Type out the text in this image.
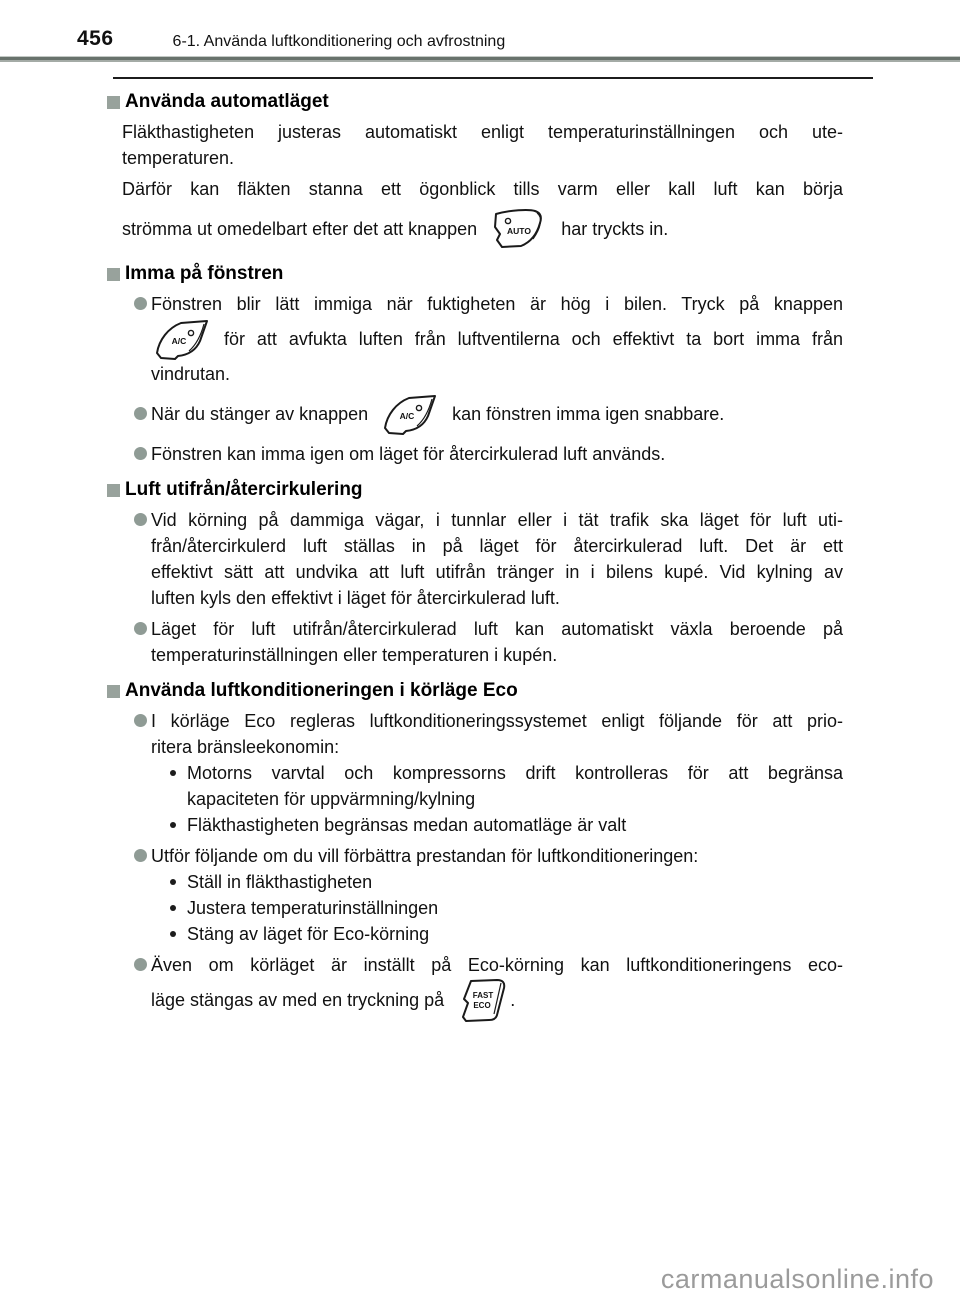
456	6-1. Använda luftkonditionering och avfrostning
Använda automatläget
Fläkthastigheten justeras automatiskt enligt temperaturinställningen och ute-
temperaturen.
Därför kan fläkten stanna ett ögonblick tills varm eller kall luft kan börja
strömma ut omedelbart efter det att knappen	AUTO har tryckts in.
Imma på fönstren
Fönstren blir lätt immiga när fuktigheten är hög i bilen. Tryck på knappen
A/C för att avfukta luften från luftventilerna och effektivt ta bort imma från
vindrutan.
När du stänger av knappen	A/C kan fönstren imma igen snabbare.
Fönstren kan imma igen om läget för återcirkulerad luft används.
Luft utifrån/återcirkulering
Vid körning på dammiga vägar, i tunnlar eller i tät trafik ska läget för luft uti-
från/återcirkulerd luft ställas in på läget för återcirkulerad luft. Det är ett
effektivt sätt att undvika att luft utifrån tränger in i bilens kupé. Vid kylning av
luften kyls den effektivt i läget för återcirkulerad luft.
Läget för luft utifrån/återcirkulerad luft kan automatiskt växla beroende på
temperaturinställningen eller temperaturen i kupén.
Använda luftkonditioneringen i körläge Eco
I körläge Eco regleras luftkonditioneringssystemet enligt följande för att prio-
ritera bränsleekonomin:
Motorns varvtal och kompressorns drift kontrolleras för att begränsa
kapaciteten för uppvärmning/kylning
Fläkthastigheten begränsas medan automatläge är valt
Utför följande om du vill förbättra prestandan för luftkonditioneringen:
Ställ in fläkthastigheten
Justera temperaturinställningen
Stäng av läget för Eco-körning
Även om körläget är inställt på Eco-körning kan luftkonditioneringens eco-
läge stängas av med en tryckning på	FAST
ECO .
carmanualsonline.info
